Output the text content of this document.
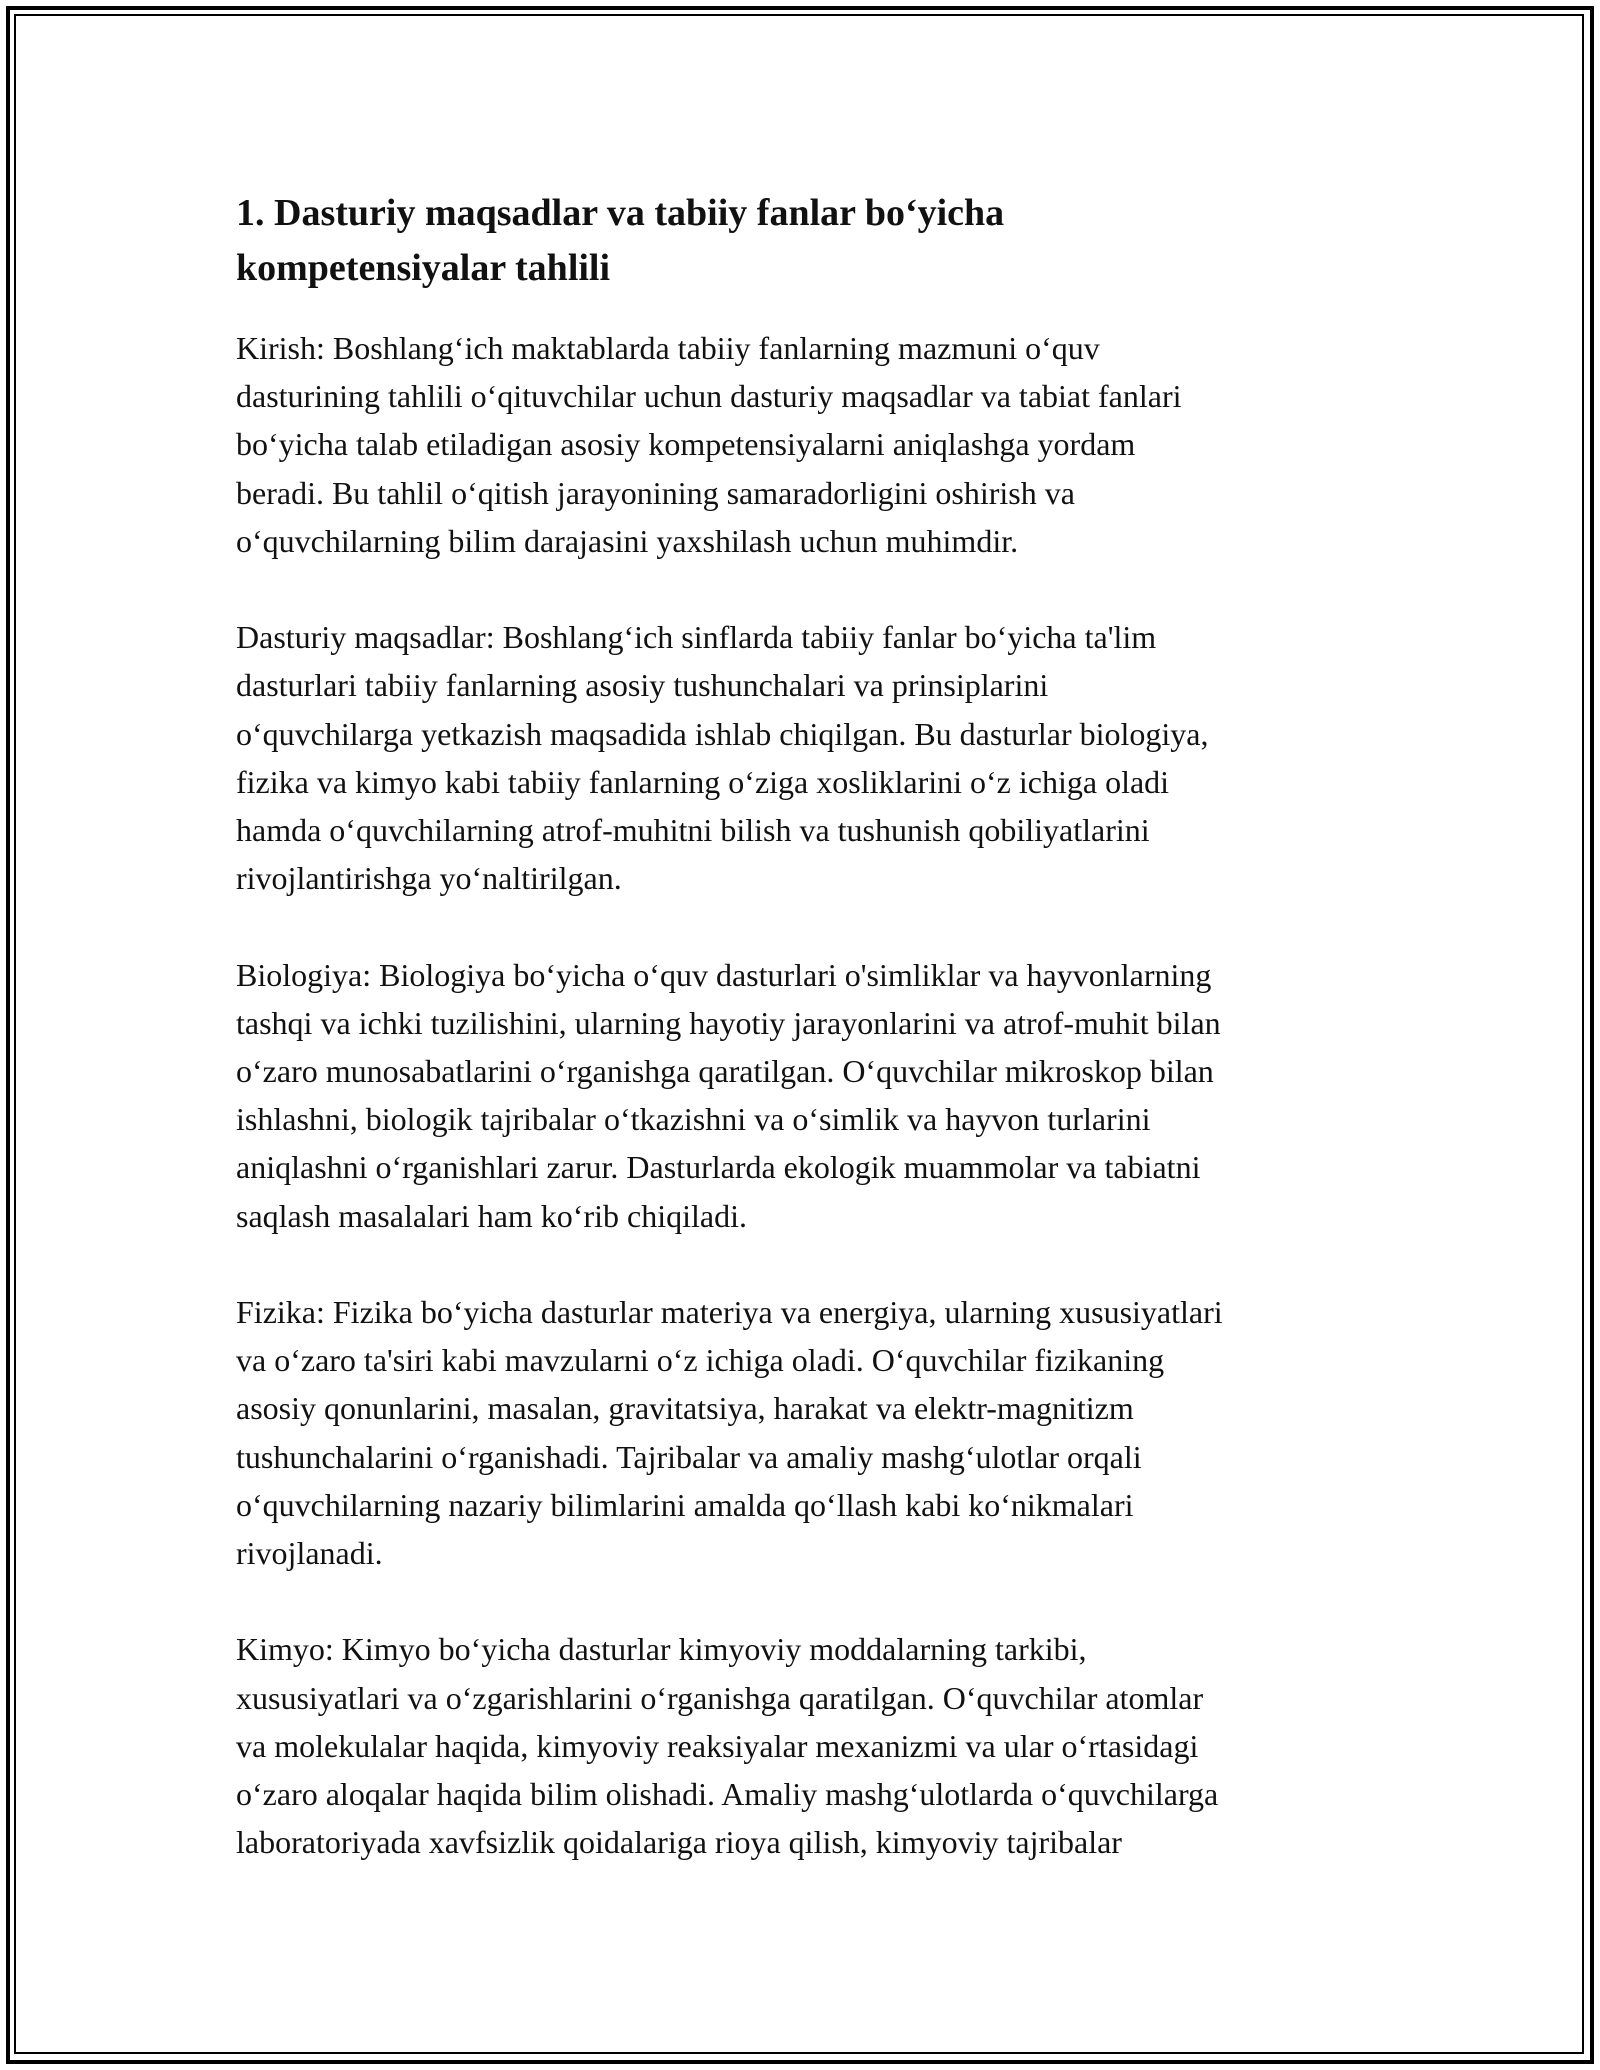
1. Dasturiy maqsadlar va tabiiy fanlar bo‘yicha
kompetensiyalar tahlili

Kirish: Boshlang‘ich maktablarda tabiiy fanlarning mazmuni o‘quv
dasturining tahlili o‘qituvchilar uchun dasturiy maqsadlar va tabiat fanlari
bo‘yicha talab etiladigan asosiy kompetensiyalarni aniqlashga yordam
beradi. Bu tahlil o‘qitish jarayonining samaradorligini oshirish va
o‘quvchilarning bilim darajasini yaxshilash uchun muhimdir.

Dasturiy maqsadlar: Boshlang‘ich sinflarda tabiiy fanlar bo‘yicha ta'lim
dasturlari tabiiy fanlarning asosiy tushunchalari va prinsiplarini
o‘quvchilarga yetkazish maqsadida ishlab chiqilgan. Bu dasturlar biologiya,
fizika va kimyo kabi tabiiy fanlarning o‘ziga xosliklarini o‘z ichiga oladi
hamda o‘quvchilarning atrof-muhitni bilish va tushunish qobiliyatlarini
rivojlantirishga yo‘naltirilgan.

Biologiya: Biologiya bo‘yicha o‘quv dasturlari o'simliklar va hayvonlarning
tashqi va ichki tuzilishini, ularning hayotiy jarayonlarini va atrof-muhit bilan
o‘zaro munosabatlarini o‘rganishga qaratilgan. O‘quvchilar mikroskop bilan
ishlashni, biologik tajribalar o‘tkazishni va o‘simlik va hayvon turlarini
aniqlashni o‘rganishlari zarur. Dasturlarda ekologik muammolar va tabiatni
saqlash masalalari ham ko‘rib chiqiladi.

Fizika: Fizika bo‘yicha dasturlar materiya va energiya, ularning xususiyatlari
va o‘zaro ta'siri kabi mavzularni o‘z ichiga oladi. O‘quvchilar fizikaning
asosiy qonunlarini, masalan, gravitatsiya, harakat va elektr-magnitizm
tushunchalarini o‘rganishadi. Tajribalar va amaliy mashg‘ulotlar orqali
o‘quvchilarning nazariy bilimlarini amalda qo‘llash kabi ko‘nikmalari
rivojlanadi.

Kimyo: Kimyo bo‘yicha dasturlar kimyoviy moddalarning tarkibi,
xususiyatlari va o‘zgarishlarini o‘rganishga qaratilgan. O‘quvchilar atomlar
va molekulalar haqida, kimyoviy reaksiyalar mexanizmi va ular o‘rtasidagi
o‘zaro aloqalar haqida bilim olishadi. Amaliy mashg‘ulotlarda o‘quvchilarga
laboratoriyada xavfsizlik qoidalariga rioya qilish, kimyoviy tajribalar
